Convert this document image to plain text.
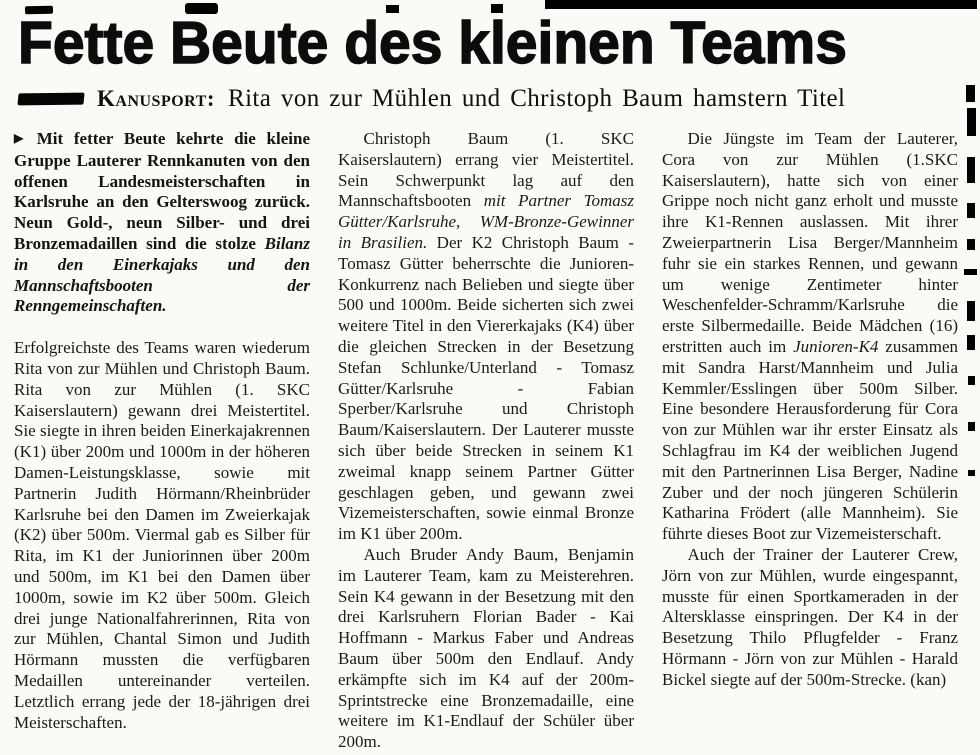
Fette Beute des kleinen Teams
Kanusport: Rita von zur Mühlen und Christoph Baum hamstern Titel

▶ Mit fetter Beute kehrte die kleine Gruppe Lauterer Rennkanuten von den offenen Landesmeisterschaften in Karlsruhe an den Gelterswoog zurück. Neun Gold-, neun Silber- und drei Bronzemadaillen sind die stolze Bilanz in den Einerkajaks und den Mannschaftsbooten der Renngemeinschaften.

Erfolgreichste des Teams waren wiederum Rita von zur Mühlen und Christoph Baum. Rita von zur Mühlen (1. SKC Kaiserslautern) gewann drei Meistertitel. Sie siegte in ihren beiden Einerkajakrennen (K1) über 200m und 1000m in der höheren Damen-Leistungsklasse, sowie mit Partnerin Judith Hörmann/Rheinbrüder Karlsruhe bei den Damen im Zweierkajak (K2) über 500m. Viermal gab es Silber für Rita, im K1 der Juniorinnen über 200m und 500m, im K1 bei den Damen über 1000m, sowie im K2 über 500m. Gleich drei junge Nationalfahrerinnen, Rita von zur Mühlen, Chantal Simon und Judith Hörmann mussten die verfügbaren Medaillen untereinander verteilen. Letztlich errang jede der 18-jährigen drei Meisterschaften.

Christoph Baum (1. SKC Kaiserslautern) errang vier Meistertitel. Sein Schwerpunkt lag auf den Mannschaftsbooten mit Partner Tomasz Gütter/Karlsruhe, WM-Bronze-Gewinner in Brasilien. Der K2 Christoph Baum - Tomasz Gütter beherrschte die Junioren-Konkurrenz nach Belieben und siegte über 500 und 1000m. Beide sicherten sich zwei weitere Titel in den Viererkajaks (K4) über die gleichen Strecken in der Besetzung Stefan Schlunke/Unterland - Tomasz Gütter/Karlsruhe - Fabian Sperber/Karlsruhe und Christoph Baum/Kaiserslautern. Der Lauterer musste sich über beide Strecken in seinem K1 zweimal knapp seinem Partner Gütter geschlagen geben, und gewann zwei Vizemeisterschaften, sowie einmal Bronze im K1 über 200m.

Auch Bruder Andy Baum, Benjamin im Lauterer Team, kam zu Meisterehren. Sein K4 gewann in der Besetzung mit den drei Karlsruhern Florian Bader - Kai Hoffmann - Markus Faber und Andreas Baum über 500m den Endlauf. Andy erkämpfte sich im K4 auf der 200m-Sprintstrecke eine Bronzemadaille, eine weitere im K1-Endlauf der Schüler über 200m.

Die Jüngste im Team der Lauterer, Cora von zur Mühlen (1.SKC Kaiserslautern), hatte sich von einer Grippe noch nicht ganz erholt und musste ihre K1-Rennen auslassen. Mit ihrer Zweierpartnerin Lisa Berger/Mannheim fuhr sie ein starkes Rennen, und gewann um wenige Zentimeter hinter Weschenfelder-Schramm/Karlsruhe die erste Silbermedaille. Beide Mädchen (16) erstritten auch im Junioren-K4 zusammen mit Sandra Harst/Mannheim und Julia Kemmler/Esslingen über 500m Silber. Eine besondere Herausforderung für Cora von zur Mühlen war ihr erster Einsatz als Schlagfrau im K4 der weiblichen Jugend mit den Partnerinnen Lisa Berger, Nadine Zuber und der noch jüngeren Schülerin Katharina Frödert (alle Mannheim). Sie führte dieses Boot zur Vizemeisterschaft.

Auch der Trainer der Lauterer Crew, Jörn von zur Mühlen, wurde eingespannt, musste für einen Sportkameraden in der Altersklasse einspringen. Der K4 in der Besetzung Thilo Pflugfelder - Franz Hörmann - Jörn von zur Mühlen - Harald Bickel siegte auf der 500m-Strecke. (kan)
